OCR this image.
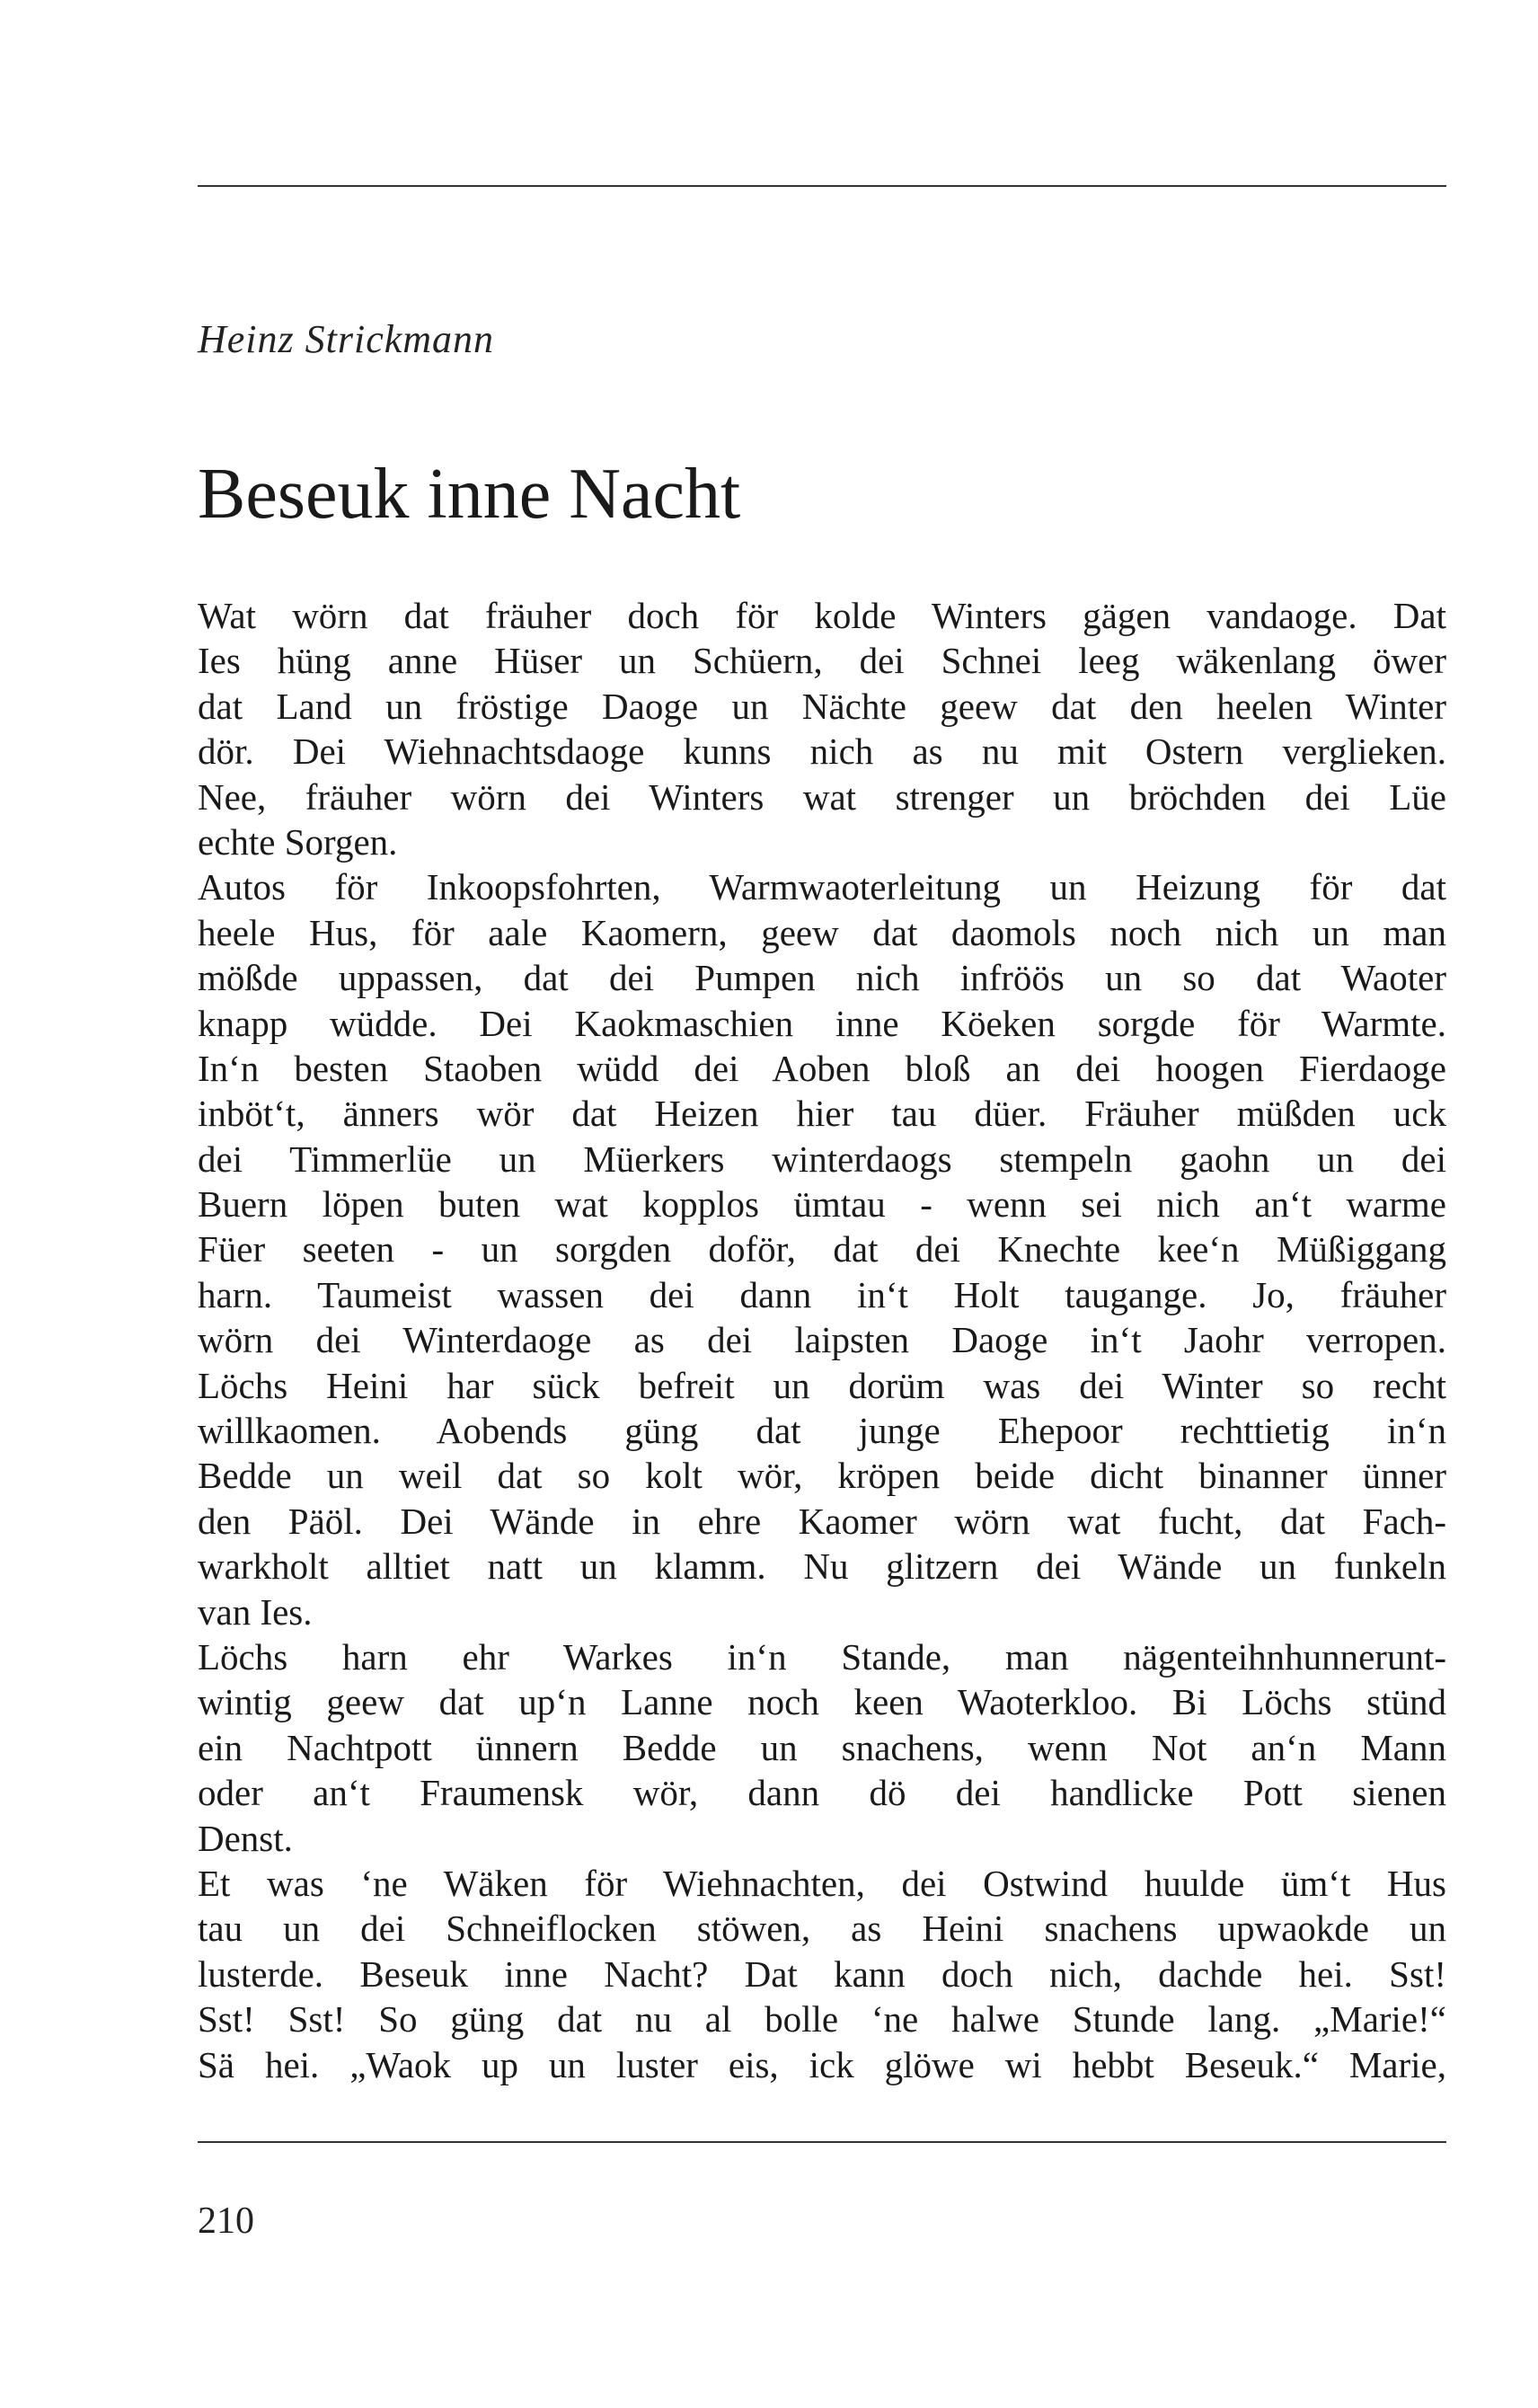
Heinz Strickmann
Beseuk inne Nacht
Wat wörn dat fräuher doch för kolde Winters gägen vandaoge. Dat
Ies hüng anne Hüser un Schüern, dei Schnei leeg wäkenlang öwer
dat Land un fröstige Daoge un Nächte geew dat den heelen Winter
dör. Dei Wiehnachtsdaoge kunns nich as nu mit Ostern verglieken.
Nee, fräuher wörn dei Winters wat strenger un bröchden dei Lüe
echte Sorgen.
Autos för Inkoopsfohrten, Warmwaoterleitung un Heizung för dat
heele Hus, för aale Kaomern, geew dat daomols noch nich un man
mößde uppassen, dat dei Pumpen nich infröös un so dat Waoter
knapp wüdde. Dei Kaokmaschien inne Köeken sorgde för Warmte.
In‘n besten Staoben wüdd dei Aoben bloß an dei hoogen Fierdaoge
inböt‘t, änners wör dat Heizen hier tau düer. Fräuher müßden uck
dei Timmerlüe un Müerkers winterdaogs stempeln gaohn un dei
Buern löpen buten wat kopplos ümtau - wenn sei nich an‘t warme
Füer seeten - un sorgden doför, dat dei Knechte kee‘n Müßiggang
harn. Taumeist wassen dei dann in‘t Holt taugange. Jo, fräuher
wörn dei Winterdaoge as dei laipsten Daoge in‘t Jaohr verropen.
Löchs Heini har sück befreit un dorüm was dei Winter so recht
willkaomen. Aobends güng dat junge Ehepoor rechttietig in‘n
Bedde un weil dat so kolt wör, kröpen beide dicht binanner ünner
den Päöl. Dei Wände in ehre Kaomer wörn wat fucht, dat Fach-
warkholt alltiet natt un klamm. Nu glitzern dei Wände un funkeln
van Ies.
Löchs harn ehr Warkes in‘n Stande, man nägenteihnhunnerunt-
wintig geew dat up‘n Lanne noch keen Waoterkloo. Bi Löchs stünd
ein Nachtpott ünnern Bedde un snachens, wenn Not an‘n Mann
oder an‘t Fraumensk wör, dann dö dei handlicke Pott sienen
Denst.
Et was ‘ne Wäken för Wiehnachten, dei Ostwind huulde üm‘t Hus
tau un dei Schneiflocken stöwen, as Heini snachens upwaokde un
lusterde. Beseuk inne Nacht? Dat kann doch nich, dachde hei. Sst!
Sst! Sst! So güng dat nu al bolle ‘ne halwe Stunde lang. „Marie!“
Sä hei. „Waok up un luster eis, ick glöwe wi hebbt Beseuk.“ Marie,
210
